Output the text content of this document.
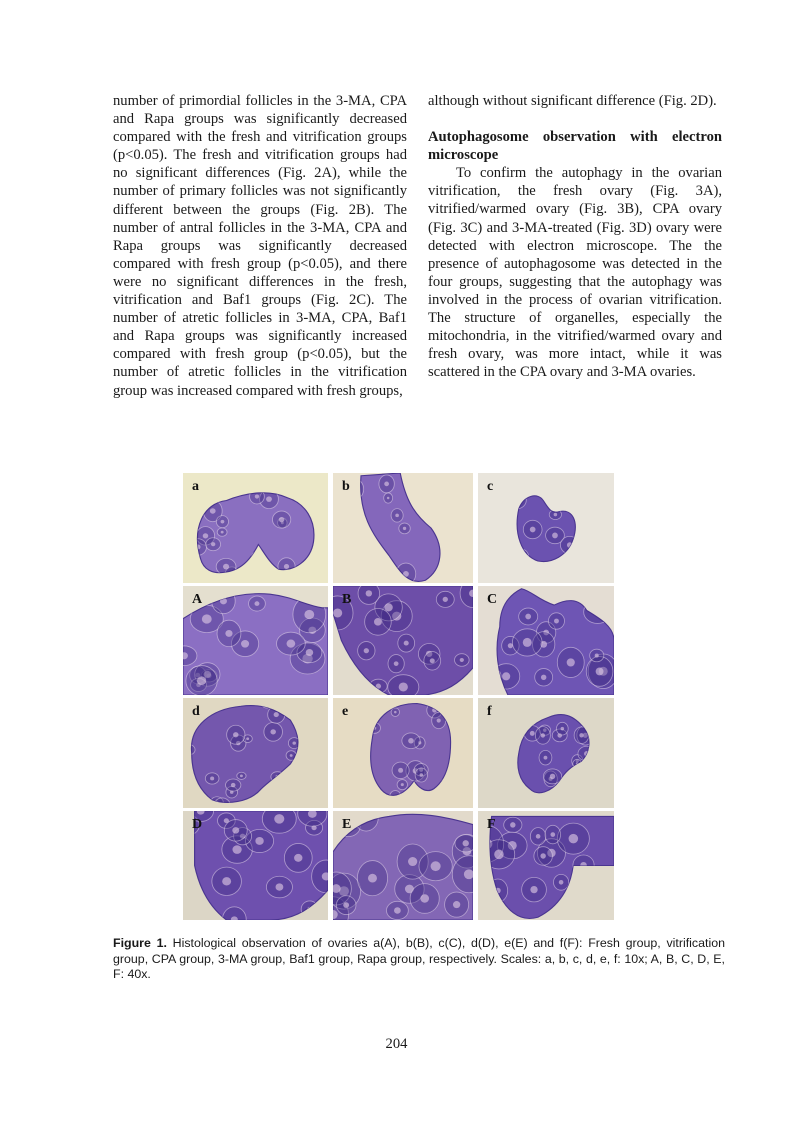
number of primordial follicles in the 3-MA, CPA and Rapa groups was significantly decreased compared with the fresh and vitrification groups (p<0.05). The fresh and vitrification groups had no significant differences (Fig. 2A), while the number of primary follicles was not significantly different between the groups (Fig. 2B). The number of antral follicles in the 3-MA, CPA and Rapa groups was significantly decreased compared with fresh group (p<0.05), and there were no significant differences in the fresh, vitrification and Baf1 groups (Fig. 2C). The number of atretic follicles in 3-MA, CPA, Baf1 and Rapa groups was significantly increased compared with fresh group (p<0.05), but the number of atretic follicles in the vitrification group was increased compared with fresh groups,

although without significant difference (Fig. 2D).

Autophagosome observation with electron microscope

To confirm the autophagy in the ovarian vitrification, the fresh ovary (Fig. 3A), vitrified/warmed ovary (Fig. 3B), CPA ovary (Fig. 3C) and 3-MA-treated (Fig. 3D) ovary were detected with electron microscope. The the presence of autophagosome was detected in the four groups, suggesting that the autophagy was involved in the process of ovarian vitrification. The structure of organelles, especially the mitochondria, in the vitrified/warmed ovary and fresh ovary, was more intact, while it was scattered in the CPA ovary and 3-MA ovaries.

a	b	c
A	B	C
d	e	f
D	E	F
Figure 1. Histological observation of ovaries a(A), b(B), c(C), d(D), e(E) and f(F): Fresh group, vitrification group, CPA group, 3-MA group, Baf1 group, Rapa group, respectively. Scales: a, b, c, d, e, f: 10x; A, B, C, D, E, F: 40x.
204
